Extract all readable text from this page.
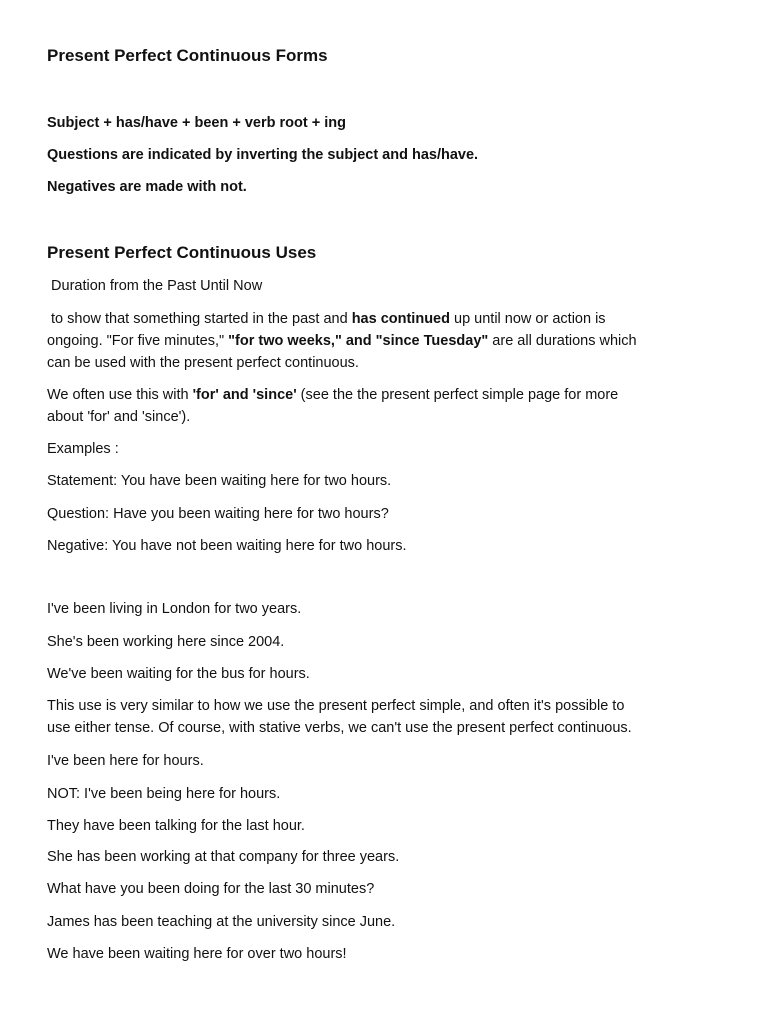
Present Perfect Continuous Forms
Subject + has/have + been + verb root + ing
Questions are indicated by inverting the subject and has/have.
Negatives are made with not.
Present Perfect Continuous Uses
Duration from the Past Until Now
to show that something started in the past and has continued up until now or action is
ongoing. "For five minutes," "for two weeks," and "since Tuesday" are all durations which
can be used with the present perfect continuous.
We often use this with 'for' and 'since' (see the the present perfect simple page for more
about 'for' and 'since').
Examples :
Statement: You have been waiting here for two hours.
Question: Have you been waiting here for two hours?
Negative: You have not been waiting here for two hours.
I've been living in London for two years.
She's been working here since 2004.
We've been waiting for the bus for hours.
This use is very similar to how we use the present perfect simple, and often it's possible to
use either tense. Of course, with stative verbs, we can't use the present perfect continuous.
I've been here for hours.
NOT: I've been being here for hours.
They have been talking for the last hour.
She has been working at that company for three years.
What have you been doing for the last 30 minutes?
James has been teaching at the university since June.
We have been waiting here for over two hours!
